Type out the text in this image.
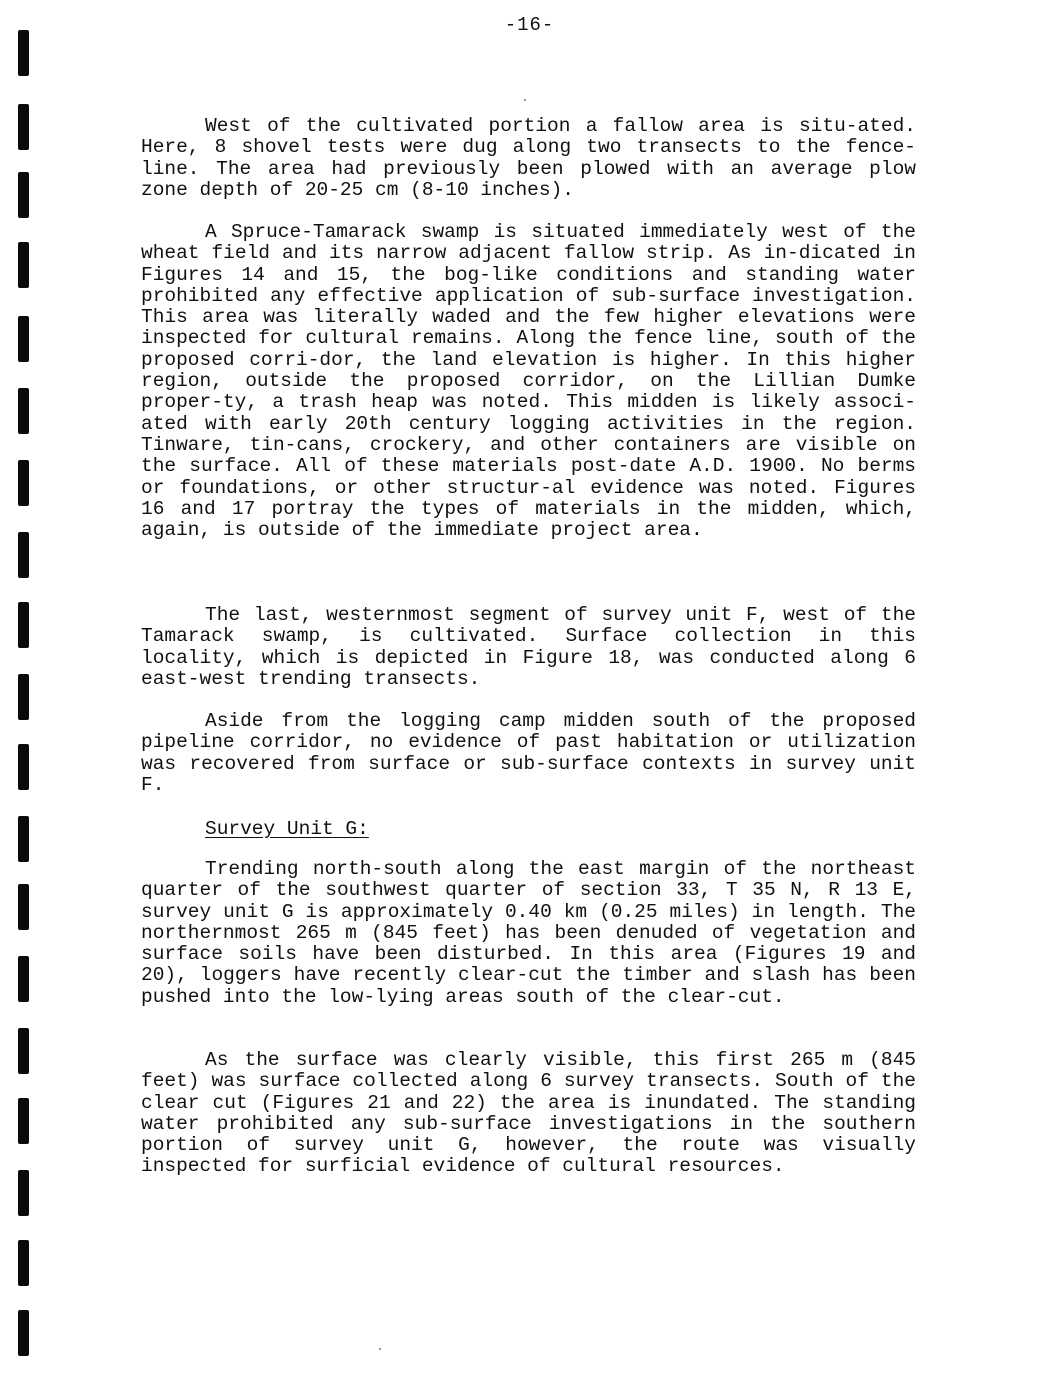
-16-

West of the cultivated portion a fallow area is situ-ated. Here, 8 shovel tests were dug along two transects to the fence-line. The area had previously been plowed with an average plow zone depth of 20-25 cm (8-10 inches).

A Spruce-Tamarack swamp is situated immediately west of the wheat field and its narrow adjacent fallow strip. As in-dicated in Figures 14 and 15, the bog-like conditions and standing water prohibited any effective application of sub-surface investigation. This area was literally waded and the few higher elevations were inspected for cultural remains. Along the fence line, south of the proposed corri-dor, the land elevation is higher. In this higher region, outside the proposed corridor, on the Lillian Dumke proper-ty, a trash heap was noted. This midden is likely associ-ated with early 20th century logging activities in the region. Tinware, tin-cans, crockery, and other containers are visible on the surface. All of these materials post-date A.D. 1900. No berms or foundations, or other structur-al evidence was noted. Figures 16 and 17 portray the types of materials in the midden, which, again, is outside of the immediate project area.

The last, westernmost segment of survey unit F, west of the Tamarack swamp, is cultivated. Surface collection in this locality, which is depicted in Figure 18, was conducted along 6 east-west trending transects.

Aside from the logging camp midden south of the proposed pipeline corridor, no evidence of past habitation or utilization was recovered from surface or sub-surface contexts in survey unit F.

Survey Unit G:

Trending north-south along the east margin of the northeast quarter of the southwest quarter of section 33, T 35 N, R 13 E, survey unit G is approximately 0.40 km (0.25 miles) in length. The northernmost 265 m (845 feet) has been denuded of vegetation and surface soils have been disturbed. In this area (Figures 19 and 20), loggers have recently clear-cut the timber and slash has been pushed into the low-lying areas south of the clear-cut.

As the surface was clearly visible, this first 265 m (845 feet) was surface collected along 6 survey transects. South of the clear cut (Figures 21 and 22) the area is inundated. The standing water prohibited any sub-surface investigations in the southern portion of survey unit G, however, the route was visually inspected for surficial evidence of cultural resources.
